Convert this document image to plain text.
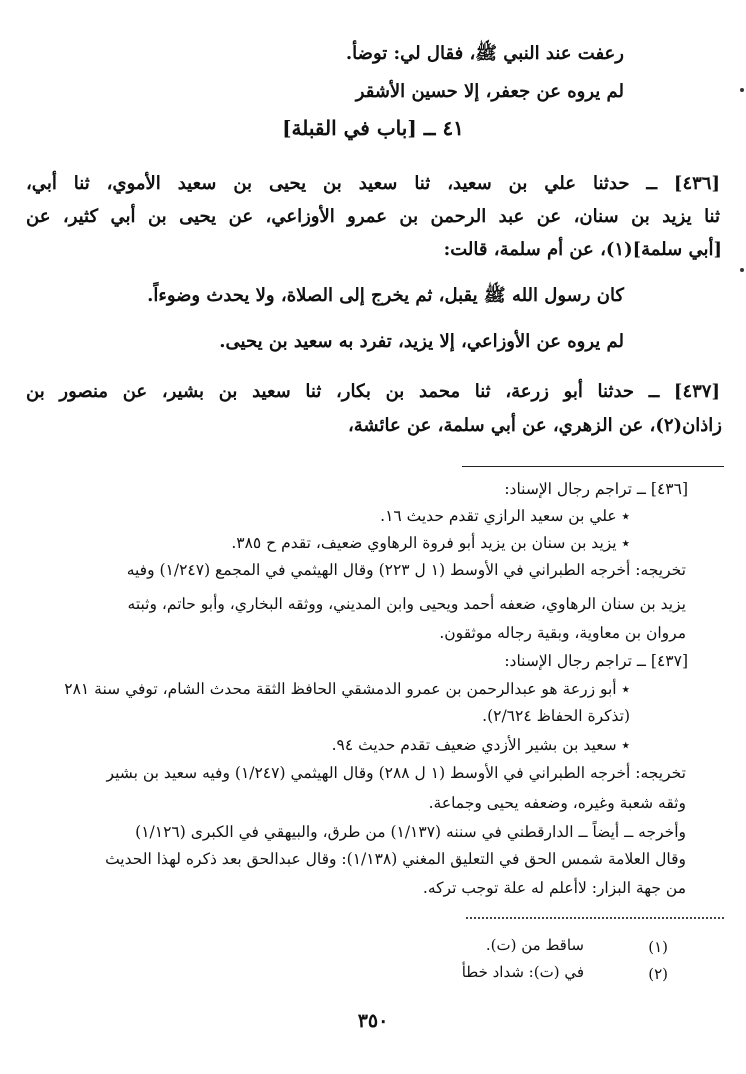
رعفت عند النبي ﷺ، فقال لي: توضأ.
لم يروه عن جعفر، إلا حسين الأشقر
٤١ ــ [باب في القبلة]
[٤٣٦] ــ حدثنا علي بن سعيد، ثنا سعيد بن يحيى بن سعيد الأموي، ثنا أبي،
ثنا يزيد بن سنان، عن عبد الرحمن بن عمرو الأوزاعي، عن يحيى بن أبي كثير، عن
[أبي سلمة](١)، عن أم سلمة، قالت:
كان رسول الله ﷺ يقبل، ثم يخرج إلى الصلاة، ولا يحدث وضوءاً.
لم يروه عن الأوزاعي، إلا يزيد، تفرد به سعيد بن يحيى.
[٤٣٧] ــ حدثنا أبو زرعة، ثنا محمد بن بكار، ثنا سعيد بن بشير، عن منصور بن
زاذان(٢)، عن الزهري، عن أبي سلمة، عن عائشة،
[٤٣٦] ــ تراجم رجال الإسناد:
٭ علي بن سعيد الرازي تقدم حديث ١٦.
٭ يزيد بن سنان بن يزيد أبو فروة الرهاوي ضعيف، تقدم ح ٣٨٥.
تخريجه: أخرجه الطبراني في الأوسط (١ ل ٢٢٣) وقال الهيثمي في المجمع (١/٢٤٧) وفيه
يزيد بن سنان الرهاوي، ضعفه أحمد ويحيى وابن المديني، ووثقه البخاري، وأبو حاتم، وثبته
مروان بن معاوية، وبقية رجاله موثقون.
[٤٣٧] ــ تراجم رجال الإسناد:
٭ أبو زرعة هو عبدالرحمن بن عمرو الدمشقي الحافظ الثقة محدث الشام، توفي سنة ٢٨١
(تذكرة الحفاظ ٢/٦٢٤).
٭ سعيد بن بشير الأزدي ضعيف تقدم حديث ٩٤.
تخريجه: أخرجه الطبراني في الأوسط (١ ل ٢٨٨) وقال الهيثمي (١/٢٤٧) وفيه سعيد بن بشير
وثقه شعبة وغيره، وضعفه يحيى وجماعة.
وأخرجه ــ أيضاً ــ الدارقطني في سننه (١/١٣٧) من طرق، والبيهقي في الكبرى (١/١٢٦)
وقال العلامة شمس الحق في التعليق المغني (١/١٣٨): وقال عبدالحق بعد ذكره لهذا الحديث
من جهة البزار: لاأعلم له علة توجب تركه.
(١)
ساقط من (ت).
(٢)
في (ت): شداد خطأ
٣٥٠
